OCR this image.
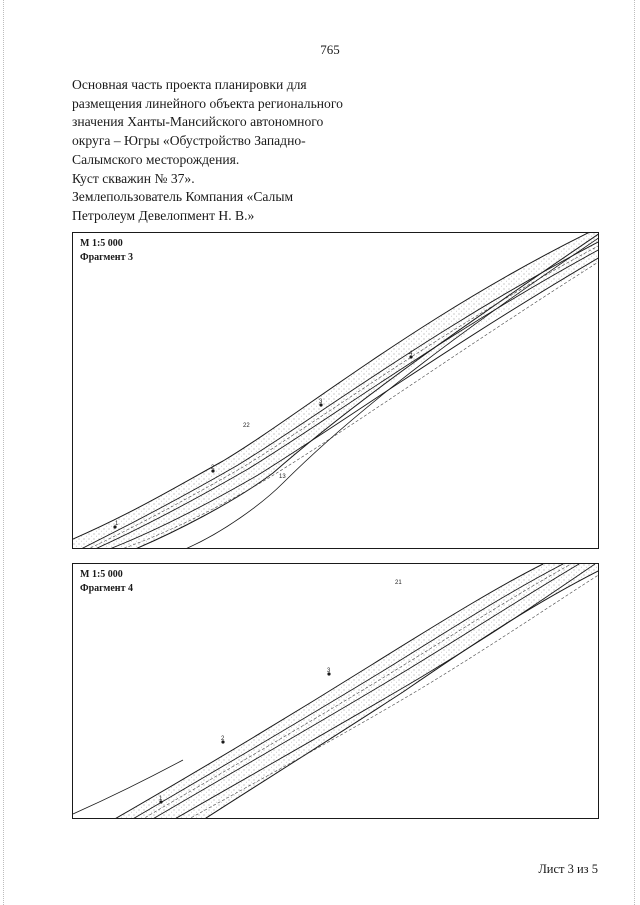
765
Основная часть проекта планировки для
размещения линейного объекта регионального
значения Ханты-Мансийского автономного
округа – Югры «Обустройство Западно-
Салымского месторождения.
Куст скважин № 37».
Землепользователь Компания «Салым
Петролеум Девелопмент Н. В.»
М 1:5 000
Фрагмент 3
22
13
1
2
3
4
М 1:5 000
Фрагмент 4	21
1
2
3
Лист 3 из 5
